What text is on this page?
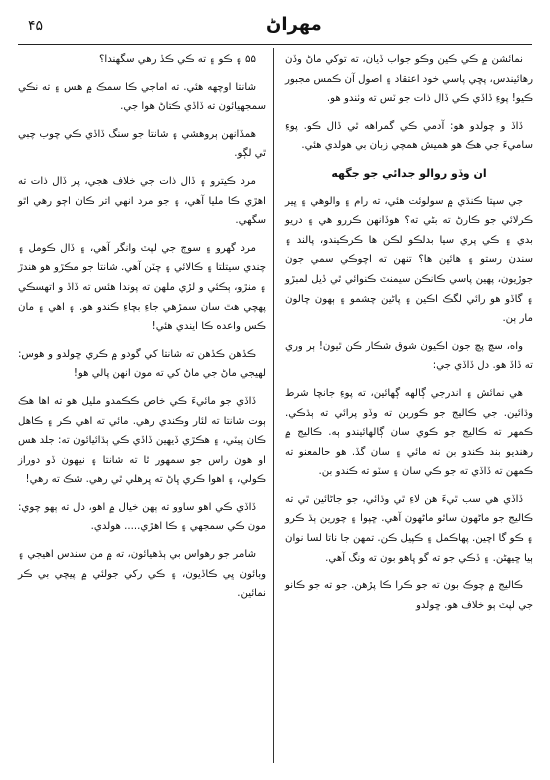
۴۵	مهراڻ

نمائشن ۾ ڪي ڪين وڪو جواب ڏيان، ته توکي ماڻ وڏن رهائيندس، پڇي پاسي خود اعتقاد ۽ اصول آن ڪمس مجبور ڪيو! پوءِ ڏاڏي ڪي ڏال ذات جو ٽس ته وٺندو هو.

ڏاڏ و چولدو هو: آدمي ڪي گمراهه ٿي ڏال ڪو. پوءِ ساميءَ جي هڪ هو هميش همچي زبان بي هولدي هئي.

ان وڏو روالو جدائي جو جگهه

جي سپتا ڪنڌي ۾ سولوئت هئي، ته رام ۽ والوهي ۽ ڀير ڪرلائي جو ڪارڻ ته بڻي ته؟ هوڏانهن ڪررو هي ۽ دريو بدي ۽ ڪي پري سيا بدلڪو لڪن ها ڪرڪيندو، پالند ۽ سندن رستو ۽ هائين ها؟ تنهن ته اچوڪي سمي جون جوڙيون، پهين پاسي ڪانڪن سيمنٽ ڪنوائي ٿي ڏيل لمبڙو ۽ گاڏو هو رائي لگڪ اڪين ۽ پاڻين چشمو ۽ ٻهون چالون مار ٻن.

واه، سچ پچ جون اڪيون شوق شڪار ڪن ٿيون! ٻر وري ته ڏاڏ هو. دل ڏاڏي جي:

هي نمائش ۽ اندرجي ڳالهه ڳهائين، ته پوءِ جانچا شرط وڌائين. جي ڪاليج جو ڪوربن ته وڏو پرائي ته ٻڌڪي. ڪمهر ته ڪاليج جو ڪوي سان ڳالهائيندو ٻه. ڪاليج ۾ رهنديو بند ڪندو بن ته مائي ۽ سان گڏ. هو حالمعنو ته ڪمهن ته ڏاڏي ته جو ڪي سان ۽ سٽو ته ڪندو بن.

ڏاڏي هي سب ٿيءَ هن لاءِ ٿي وڌائي، جو جاڻائين ٿي ته ڪاليج جو ماڻهون ساٿو ماڻهون آهي. ڇپوا ۽ چورين ٻڌ ڪرو ۽ ڪو گا اچين. پهاڪمل ۽ ڪپيل ڪن. تمهن جا ناتا لسا نوان ٻيا ڇيهڻن. ۽ ڏڪي جو ته گو ڀاهو بون ته ونگ آهي.

ڪاليج ۾ چوڪ بون ته جو ڪرا ڪا پڙهن. جو ته جو ڪانو جي لپٽ ٻو خلاف هو. ڇولدو

۵۵ ۽ ڪو ۽ ته ڪي ڪڏ رهي سگهندا؟

شانتا اوچهه هئي. ته اماجي ڪا سمڪ ۾ هس ۽ ته نڪي سمجهيائون ته ڏاڏي ڪتاڻ هوا جي.

همڏانهن ٻروهشي ۽ شانتا جو سنگ ڏاڏي ڪي چوب چبي ٿي لڳو.

مرد ڪيترو ۽ ڏال ذات جي خلاف هجي، پر ڏال ذات ته اهڙي ڪا مليا آهي، ۽ جو مرد انهي اتر ڪان اڄو رهي اٿو سگهي.

مرد گهرو ۽ سوڄ جي لپٽ وانگر آهي، ۽ ڏال ڪومل ۽ چندي سيتلتا ۽ ڪالائي ۽ چٽن آهي. شانتا جو مڪڙو هو هندڙ ۽ منڙو، ٻڪئي و لڙي ملهن ته پوندا هئس ته ڏاڏ و اتهسڪي پهچي هٿ سان سمڙهي جاءِ بچاءِ ڪندو هو. ۽ اهي ۽ مان ڪس واعده ڪا ايندي هئي!

ڪڏهن ڪڏهن ته شانتا کي گودو ۾ ڪري ڇولدو و هوس: لهيجي ماڻ جي ماڻ کي ته مون انهن پالي هو!

ڏاڏي جو مائيءَ ڪي خاص ڪڪمدو مليل هو ته اها هڪ ٻوت شانتا ته لئار وڪندي رهي. مائي ته اهي ڪر ۽ ڪاهل ڪان پيٽي، ۽ هڪڙي ڏيهين ڏاڏي ڪي ٻڌائيائون ته: جلد هس او هون راس جو سمهور ٿا ته شانتا ۽ نيهون ڏو دوراز ڪولي، ۽ اهوا ڪري ڀاڻ ته ڀرهلي ٿي رهي. شڪ ته رهي!

ڏاڏي ڪي اهو ساوو ته ٻهن خيال ۾ اهو، دل ته ٻهو چوي: مون ڪي سمجهي ۽ ڪا اهڙي..... هولدي.

شامر جو رهواس بي ٻڌهيائون، ته ۾ من سندس اهيجي ۽ وبائون ڀي ڪاڏيون، ۽ ڪي رکي جولئي ۾ پيچي بي ڪر نمائين.
